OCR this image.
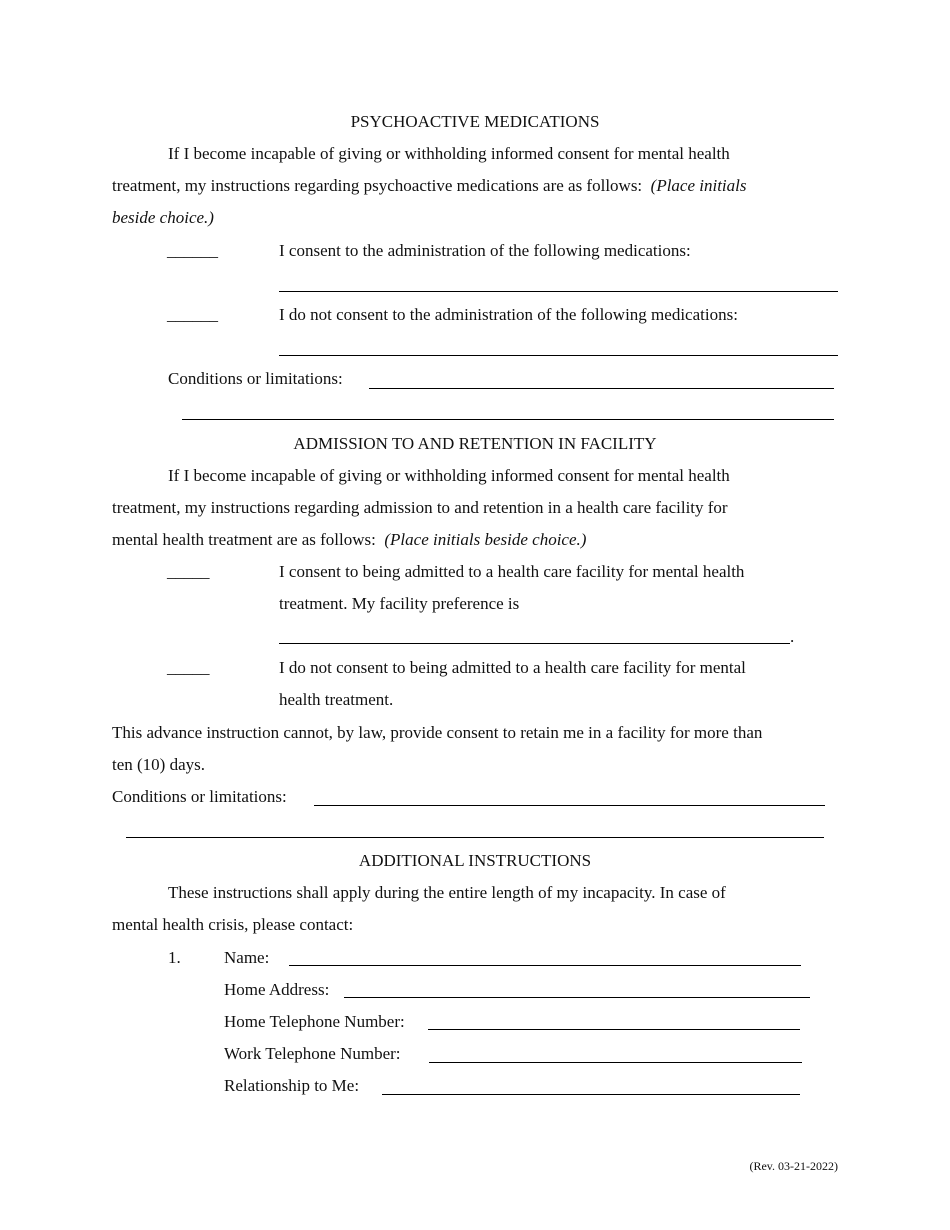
PSYCHOACTIVE MEDICATIONS
If I become incapable of giving or withholding informed consent for mental health
treatment, my instructions regarding psychoactive medications are as follows: (Place initials
beside choice.)
______	I consent to the administration of the following medications:
______	I do not consent to the administration of the following medications:
Conditions or limitations:
ADMISSION TO AND RETENTION IN FACILITY
If I become incapable of giving or withholding informed consent for mental health
treatment, my instructions regarding admission to and retention in a health care facility for
mental health treatment are as follows: (Place initials beside choice.)
_____	I consent to being admitted to a health care facility for mental health
treatment. My facility preference is
.
_____	I do not consent to being admitted to a health care facility for mental
health treatment.
This advance instruction cannot, by law, provide consent to retain me in a facility for more than
ten (10) days.
Conditions or limitations:
ADDITIONAL INSTRUCTIONS
These instructions shall apply during the entire length of my incapacity. In case of
mental health crisis, please contact:
1.	Name:
Home Address:
Home Telephone Number:
Work Telephone Number:
Relationship to Me:
(Rev. 03-21-2022)
